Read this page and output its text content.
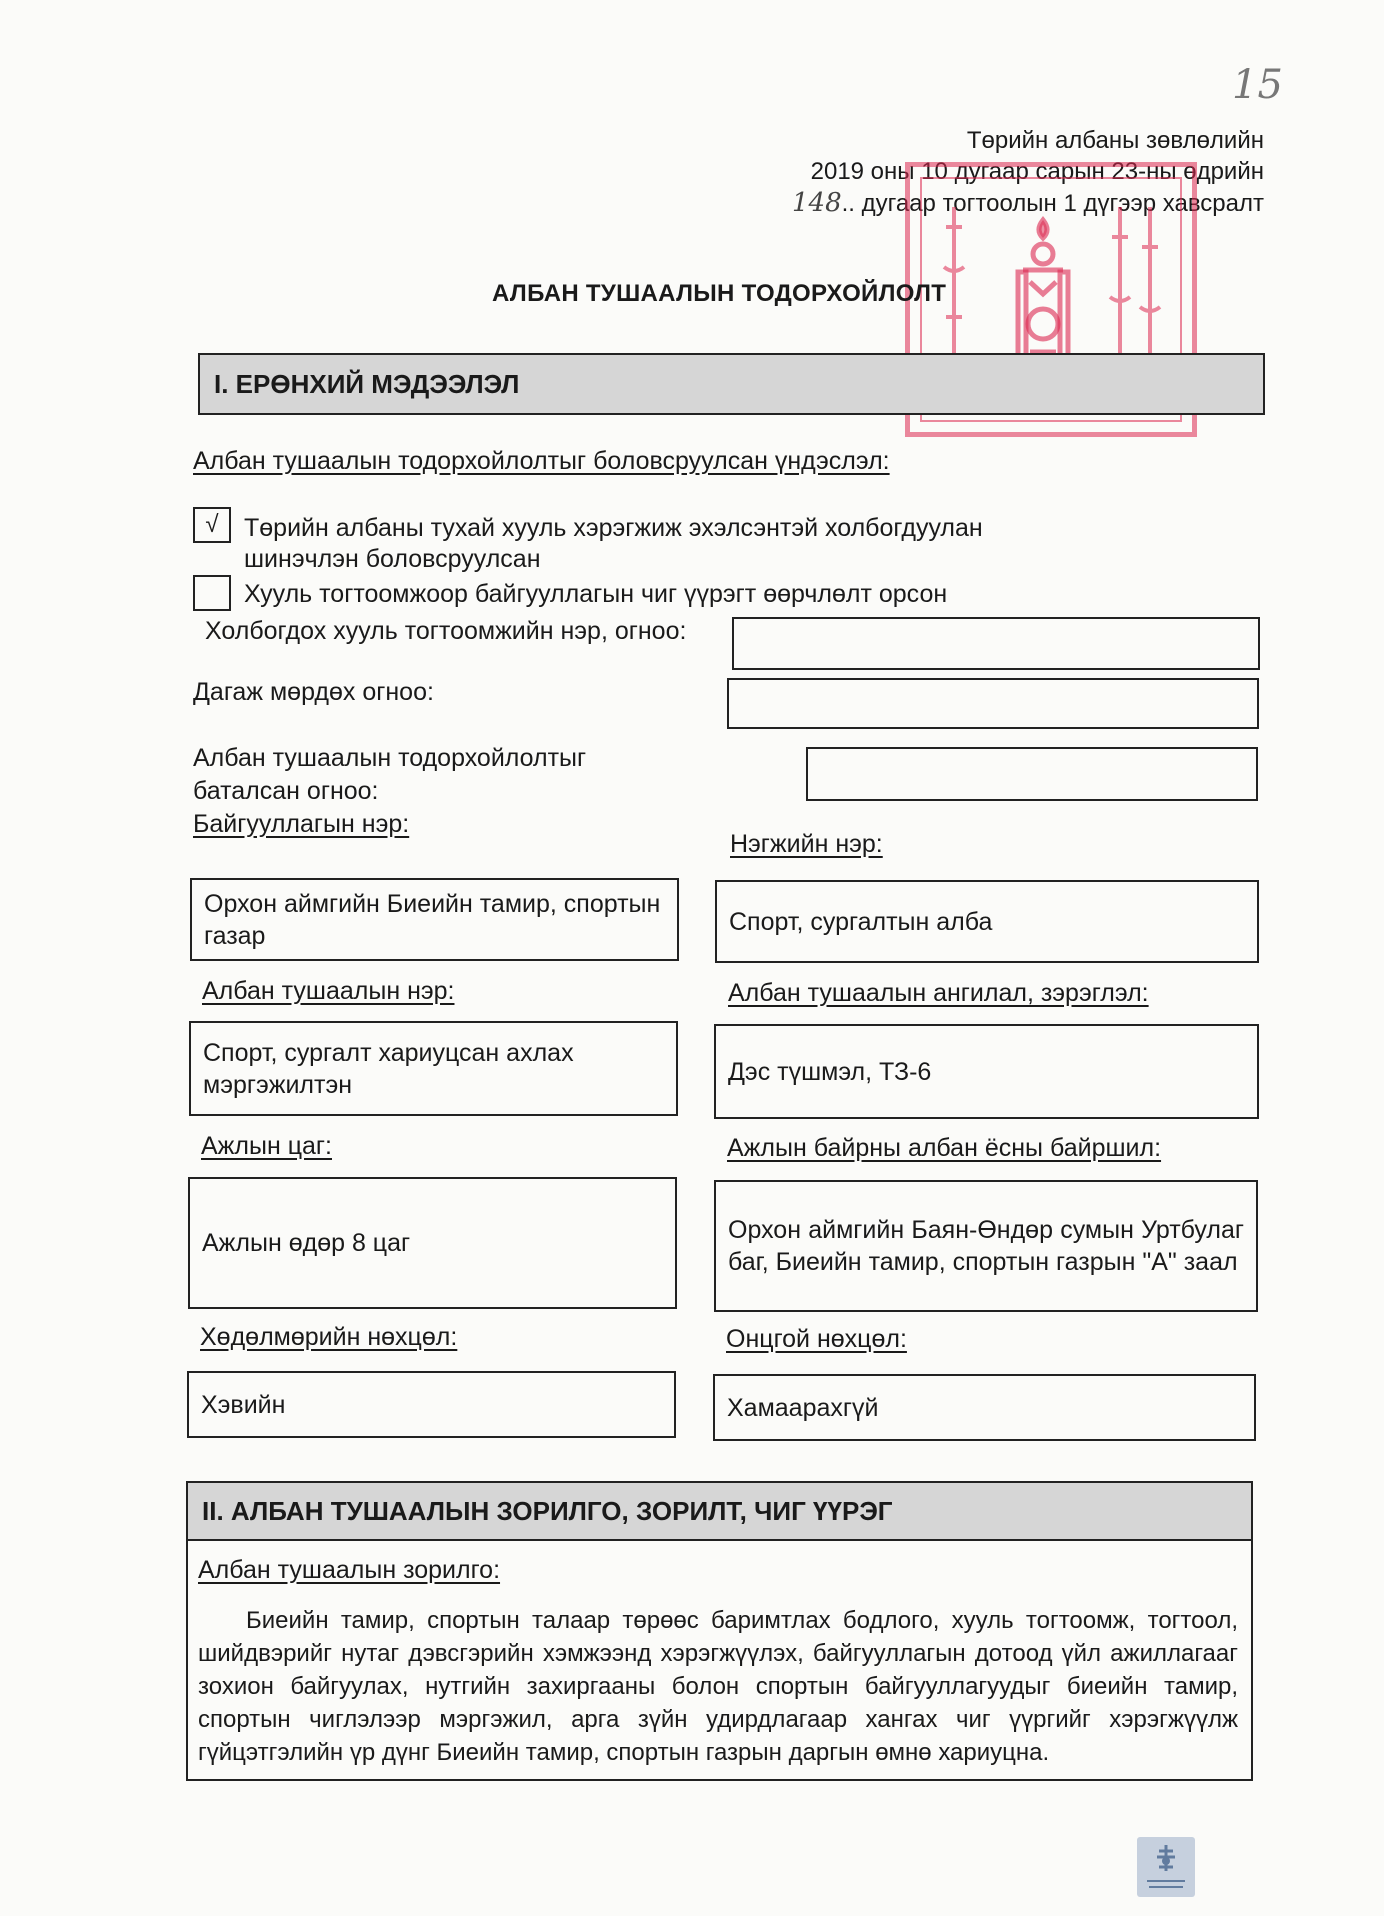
15
Төрийн албаны зөвлөлийн
2019 оны 10 дугаар сарын 23-ны өдрийн
148.. дугаар тогтоолын 1 дүгээр хавсралт
АЛБАН ТУШААЛЫН ТОДОРХОЙЛОЛТ
I. ЕРӨНХИЙ МЭДЭЭЛЭЛ
Албан тушаалын тодорхойлолтыг боловсруулсан үндэслэл:
√ Төрийн албаны тухай хууль хэрэгжиж эхэлсэнтэй холбогдуулан
шинэчлэн боловсруулсан
Хууль тогтоомжоор байгууллагын чиг үүрэгт өөрчлөлт орсон
Холбогдох хууль тогтоомжийн нэр, огноо:
Дагаж мөрдөх огноо:
Албан тушаалын тодорхойлолтыг
баталсан огноо:
Байгууллагын нэр:
Нэгжийн нэр:
Орхон аймгийн Биеийн тамир, спортын газар	Спорт, сургалтын алба
Албан тушаалын нэр:	Албан тушаалын ангилал, зэрэглэл:
Спорт, сургалт хариуцсан ахлах мэргэжилтэн	Дэс түшмэл, ТЗ-6
Ажлын цаг:	Ажлын байрны албан ёсны байршил:
Ажлын өдөр 8 цаг	Орхон аймгийн Баян-Өндөр сумын Уртбулаг баг, Биеийн тамир, спортын газрын "А" заал
Хөдөлмөрийн нөхцөл:	Онцгой нөхцөл:
Хэвийн	Хамаарахгүй
II. АЛБАН ТУШААЛЫН ЗОРИЛГО, ЗОРИЛТ, ЧИГ ҮҮРЭГ
Албан тушаалын зорилго:
Биеийн тамир, спортын талаар төрөөс баримтлах бодлого, хууль тогтоомж, тогтоол, шийдвэрийг нутаг дэвсгэрийн хэмжээнд хэрэгжүүлэх, байгууллагын дотоод үйл ажиллагааг зохион байгуулах, нутгийн захиргааны болон спортын байгууллагуудыг биеийн тамир, спортын чиглэлээр мэргэжил, арга зүйн удирдлагаар хангах чиг үүргийг хэрэгжүүлж гүйцэтгэлийн үр дүнг Биеийн тамир, спортын газрын даргын өмнө хариуцна.
